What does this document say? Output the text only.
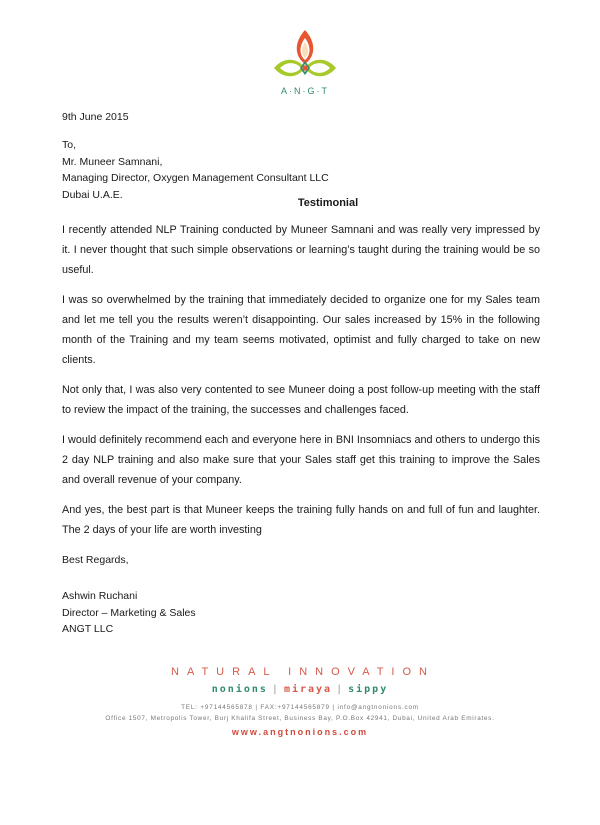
A·N·G·T
9th June 2015
To,
Mr. Muneer Samnani,
Managing Director, Oxygen Management Consultant LLC
Dubai U.A.E.
Testimonial

I recently attended NLP Training conducted by Muneer Samnani and was really very impressed by it. I never thought that such simple observations or learning’s taught during the training would be so useful.

I was so overwhelmed by the training that immediately decided to organize one for my Sales team and let me tell you the results weren’t disappointing. Our sales increased by 15% in the following month of the Training and my team seems motivated, optimist and fully charged to take on new clients.

Not only that, I was also very contented to see Muneer doing a post follow-up meeting with the staff to review the impact of the training, the successes and challenges faced.

I would definitely recommend each and everyone here in BNI Insomniacs and others to undergo this 2 day NLP training and also make sure that your Sales staff get this training to improve the Sales and overall revenue of your company.

And yes, the best part is that Muneer keeps the training fully hands on and full of fun and laughter. The 2 days of your life are worth investing

Best Regards,
Ashwin Ruchani
Director – Marketing & Sales
ANGT LLC
NATURAL INNOVATION
nonions | miraya | sippy
TEL: +97144565878 | FAX:+97144565879 | info@angtnonions.com
Office 1507, Metropolis Tower, Burj Khalifa Street, Business Bay, P.O.Box 42941, Dubai, United Arab Emirates.
www.angtnonions.com
